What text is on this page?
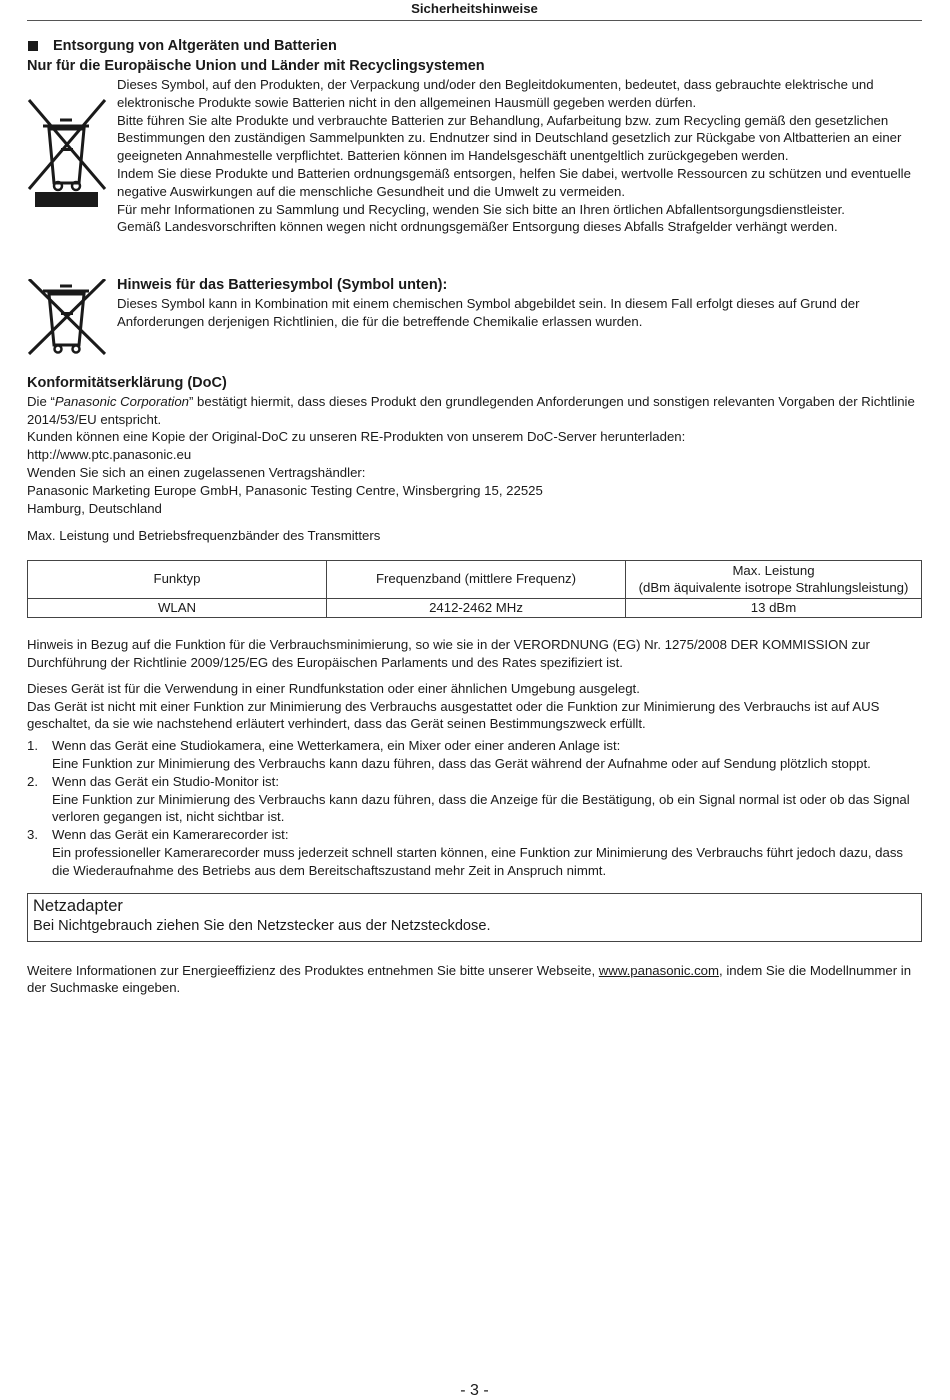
Sicherheitshinweise
Entsorgung von Altgeräten und Batterien
Nur für die Europäische Union und Länder mit Recyclingsystemen

Dieses Symbol, auf den Produkten, der Verpackung und/oder den Begleitdokumenten, bedeutet, dass gebrauchte elektrische und elektronische Produkte sowie Batterien nicht in den allgemeinen Hausmüll gegeben werden dürfen.

Bitte führen Sie alte Produkte und verbrauchte Batterien zur Behandlung, Aufarbeitung bzw. zum Recycling gemäß den gesetzlichen Bestimmungen den zuständigen Sammelpunkten zu. Endnutzer sind in Deutschland gesetzlich zur Rückgabe von Altbatterien an einer geeigneten Annahmestelle verpflichtet. Batterien können im Handelsgeschäft unentgeltlich zurückgegeben werden.

Indem Sie diese Produkte und Batterien ordnungsgemäß entsorgen, helfen Sie dabei, wertvolle Ressourcen zu schützen und eventuelle negative Auswirkungen auf die menschliche Gesundheit und die Umwelt zu vermeiden.

Für mehr Informationen zu Sammlung und Recycling, wenden Sie sich bitte an Ihren örtlichen Abfallentsorgungsdienstleister.

Gemäß Landesvorschriften können wegen nicht ordnungsgemäßer Entsorgung dieses Abfalls Strafgelder verhängt werden.

Hinweis für das Batteriesymbol (Symbol unten):

Dieses Symbol kann in Kombination mit einem chemischen Symbol abgebildet sein. In diesem Fall erfolgt dieses auf Grund der Anforderungen derjenigen Richtlinien, die für die betreffende Chemikalie erlassen wurden.

Konformitätserklärung (DoC)

Die “Panasonic Corporation” bestätigt hiermit, dass dieses Produkt den grundlegenden Anforderungen und sonstigen relevanten Vorgaben der Richtlinie 2014/53/EU entspricht.

Kunden können eine Kopie der Original-DoC zu unseren RE-Produkten von unserem DoC-Server herunterladen:

http://www.ptc.panasonic.eu

Wenden Sie sich an einen zugelassenen Vertragshändler:

Panasonic Marketing Europe GmbH, Panasonic Testing Centre, Winsbergring 15, 22525

Hamburg, Deutschland

Max. Leistung und Betriebsfrequenzbänder des Transmitters

Funktyp	Frequenzband (mittlere Frequenz)	Max. Leistung
(dBm äquivalente isotrope Strahlungsleistung)

WLAN	2412-2462 MHz	13 dBm

Hinweis in Bezug auf die Funktion für die Verbrauchsminimierung, so wie sie in der VERORDNUNG (EG) Nr. 1275/2008 DER KOMMISSION zur Durchführung der Richtlinie 2009/125/EG des Europäischen Parlaments und des Rates spezifiziert ist.

Dieses Gerät ist für die Verwendung in einer Rundfunkstation oder einer ähnlichen Umgebung ausgelegt.

Das Gerät ist nicht mit einer Funktion zur Minimierung des Verbrauchs ausgestattet oder die Funktion zur Minimierung des Verbrauchs ist auf AUS geschaltet, da sie wie nachstehend erläutert verhindert, dass das Gerät seinen Bestimmungszweck erfüllt.

1. Wenn das Gerät eine Studiokamera, eine Wetterkamera, ein Mixer oder einer anderen Anlage ist:
Eine Funktion zur Minimierung des Verbrauchs kann dazu führen, dass das Gerät während der Aufnahme oder auf Sendung plötzlich stoppt.
2. Wenn das Gerät ein Studio-Monitor ist:
Eine Funktion zur Minimierung des Verbrauchs kann dazu führen, dass die Anzeige für die Bestätigung, ob ein Signal normal ist oder ob das Signal verloren gegangen ist, nicht sichtbar ist.
3. Wenn das Gerät ein Kamerarecorder ist:
Ein professioneller Kamerarecorder muss jederzeit schnell starten können, eine Funktion zur Minimierung des Verbrauchs führt jedoch dazu, dass die Wiederaufnahme des Betriebs aus dem Bereitschaftszustand mehr Zeit in Anspruch nimmt.
Netzadapter
Bei Nichtgebrauch ziehen Sie den Netzstecker aus der Netzsteckdose.

Weitere Informationen zur Energieeffizienz des Produktes entnehmen Sie bitte unserer Webseite, www.panasonic.com, indem Sie die Modellnummer in der Suchmaske eingeben.

- 3 -
